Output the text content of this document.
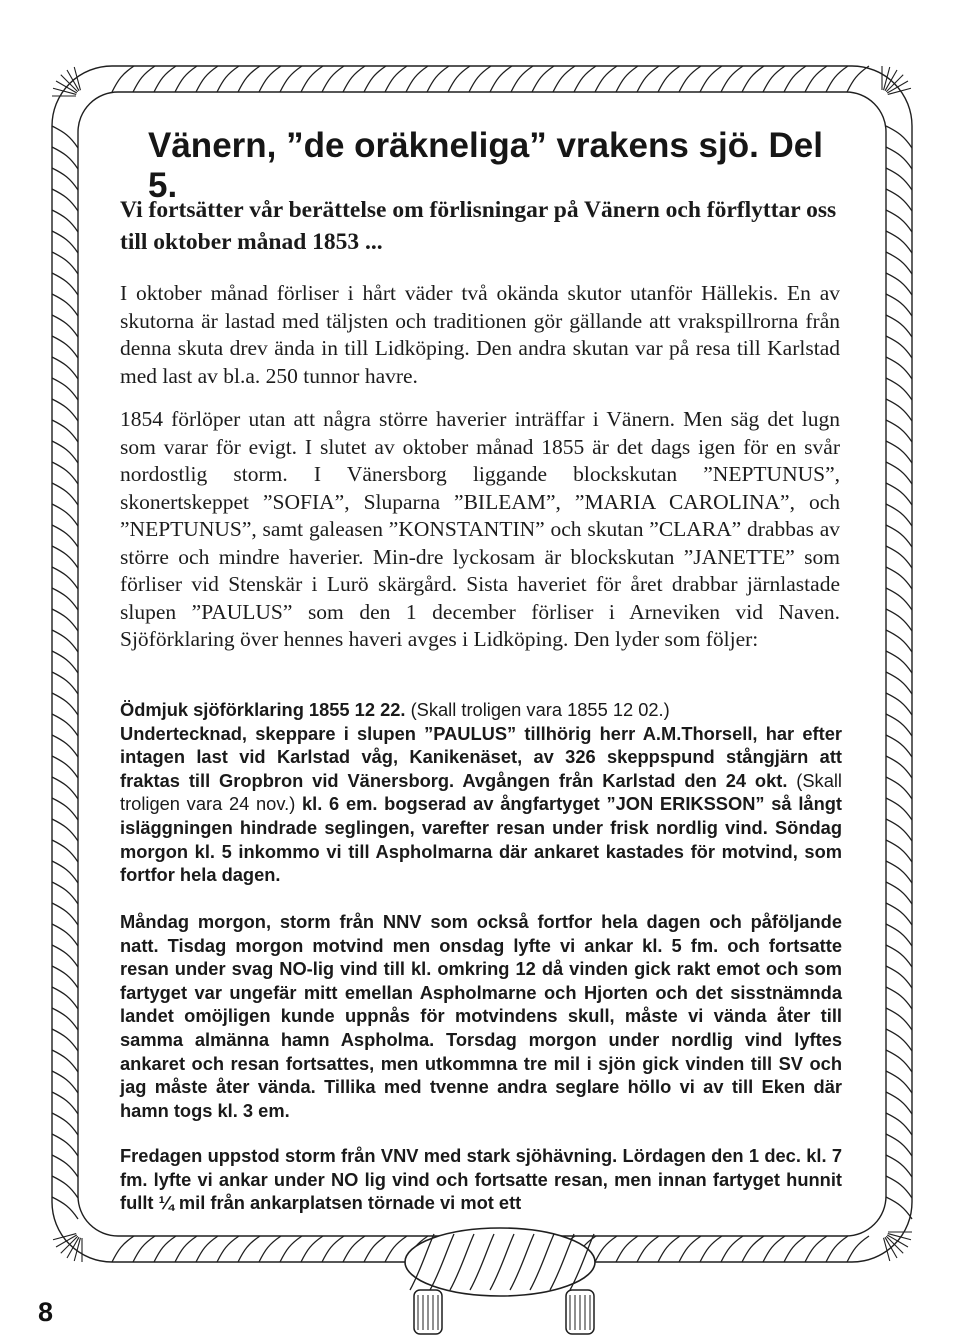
Vänern, ”de oräkneliga” vrakens sjö. Del 5.

Vi fortsätter vår berättelse om förlisningar på Vänern och förflyttar oss till oktober månad 1853 ...

I oktober månad förliser i hårt väder två okända skutor utanför Hällekis. En av skutorna är lastad med täljsten och traditionen gör gällande att vrakspillrorna från denna skuta drev ända in till Lidköping. Den andra skutan var på resa till Karlstad med last av bl.a. 250 tunnor havre.

1854 förlöper utan att några större haverier inträffar i Vänern. Men säg det lugn som varar för evigt. I slutet av oktober månad 1855 är det dags igen för en svår nordostlig storm. I Vänersborg liggande blockskutan ”NEPTUNUS”, skonertskeppet ”SOFIA”, Sluparna ”BILEAM”, ”MARIA CAROLINA”, och ”NEPTUNUS”, samt galeasen ”KONSTANTIN” och skutan ”CLARA” drabbas av större och mindre haverier. Min-dre lyckosam är blockskutan ”JANETTE” som förliser vid Stenskär i Lurö skärgård. Sista haveriet för året drabbar järnlastade slupen ”PAULUS” som den 1 december förliser i Arneviken vid Naven. Sjöförklaring över hennes haveri avges i Lidköping. Den lyder som följer:

Ödmjuk sjöförklaring 1855 12 22. (Skall troligen vara 1855 12 02.)
Undertecknad, skeppare i slupen ”PAULUS” tillhörig herr A.M.Thorsell, har efter intagen last vid Karlstad våg, Kanikenäset, av 326 skeppspund stångjärn att fraktas till Gropbron vid Vänersborg. Avgången från Karlstad den 24 okt. (Skall troligen vara 24 nov.) kl. 6 em. bogserad av ångfartyget ”JON ERIKSSON” så långt isläggningen hindrade seglingen, varefter resan under frisk nordlig vind. Söndag morgon kl. 5 inkommo vi till Aspholmarna där ankaret kastades för motvind, som fortfor hela dagen.

Måndag morgon, storm från NNV som också fortfor hela dagen och påföljande natt. Tisdag morgon motvind men onsdag lyfte vi ankar kl. 5 fm. och fortsatte resan under svag NO-lig vind till kl. omkring 12 då vinden gick rakt emot och som fartyget var ungefär mitt emellan Aspholmarne och Hjorten och det sisstnämnda landet omöjligen kunde uppnås för motvindens skull, måste vi vända åter till samma almänna hamn Aspholma. Torsdag morgon under nordlig vind lyftes ankaret och resan fortsattes, men utkommna tre mil i sjön gick vinden till SV och jag måste åter vända. Tillika med tvenne andra seglare höllo vi av till Eken där hamn togs kl. 3 em.

Fredagen uppstod storm från VNV med stark sjöhävning. Lördagen den 1 dec. kl. 7 fm. lyfte vi ankar under NO lig vind och fortsatte resan, men innan fartyget hunnit fullt ¼ mil från ankarplatsen törnade vi mot ett

8
